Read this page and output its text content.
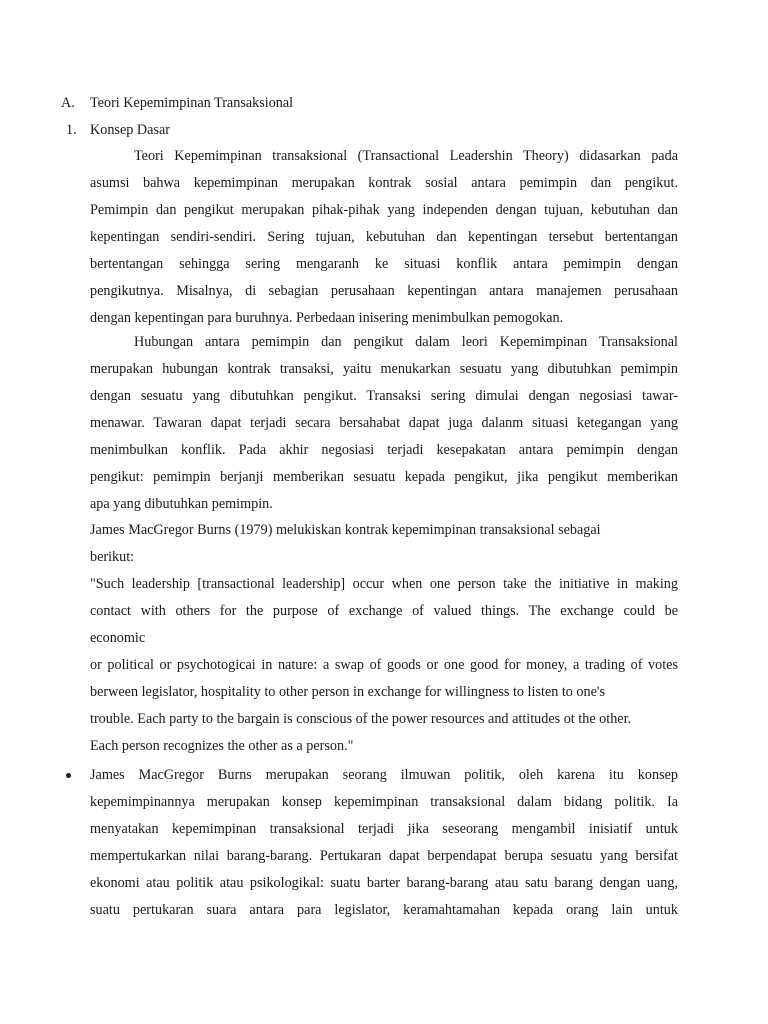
A. Teori Kepemimpinan Transaksional
1. Konsep Dasar
Teori Kepemimpinan transaksional (Transactional Leadershin Theory) didasarkan pada
asumsi bahwa kepemimpinan merupakan kontrak sosial antara pemimpin dan pengikut.
Pemimpin dan pengikut merupakan pihak-pihak yang independen dengan tujuan, kebutuhan dan
kepentingan sendiri-sendiri. Sering tujuan, kebutuhan dan kepentingan tersebut bertentangan
bertentangan sehingga sering mengaranh ke situasi konflik antara pemimpin dengan
pengikutnya. Misalnya, di sebagian perusahaan kepentingan antara manajemen perusahaan
dengan kepentingan para buruhnya. Perbedaan inisering menimbulkan pemogokan.
Hubungan antara pemimpin dan pengikut dalam leori Kepemimpinan Transaksional
merupakan hubungan kontrak transaksi, yaitu menukarkan sesuatu yang dibutuhkan pemimpin
dengan sesuatu yang dibutuhkan pengikut. Transaksi sering dimulai dengan negosiasi tawar-
menawar. Tawaran dapat terjadi secara bersahabat dapat juga dalanm situasi ketegangan yang
menimbulkan konflik. Pada akhir negosiasi terjadi kesepakatan antara pemimpin dengan
pengikut: pemimpin berjanji memberikan sesuatu kepada pengikut, jika pengikut memberikan
apa yang dibutuhkan pemimpin.
James MacGregor Burns (1979) melukiskan kontrak kepemimpinan transaksional sebagai
berikut:
"Such leadership [transactional leadership] occur when one person take the initiative in making
contact with others for the purpose of exchange of valued things. The exchange could be
economic
or political or psychotogicai in nature: a swap of goods or one good for money, a trading of votes
berween legislator, hospitality to other person in exchange for willingness to listen to one's
trouble. Each party to the bargain is conscious of the power resources and attitudes ot the other.
Each person recognizes the other as a person."
James MacGregor Burns merupakan seorang ilmuwan politik, oleh karena itu konsep
kepemimpinannya merupakan konsep kepemimpinan transaksional dalam bidang politik. Ia
menyatakan kepemimpinan transaksional terjadi jika seseorang mengambil inisiatif untuk
mempertukarkan nilai barang-barang. Pertukaran dapat berpendapat berupa sesuatu yang bersifat
ekonomi atau politik atau psikologikal: suatu barter barang-barang atau satu barang dengan uang,
suatu pertukaran suara antara para legislator, keramahtamahan kepada orang lain untuk
